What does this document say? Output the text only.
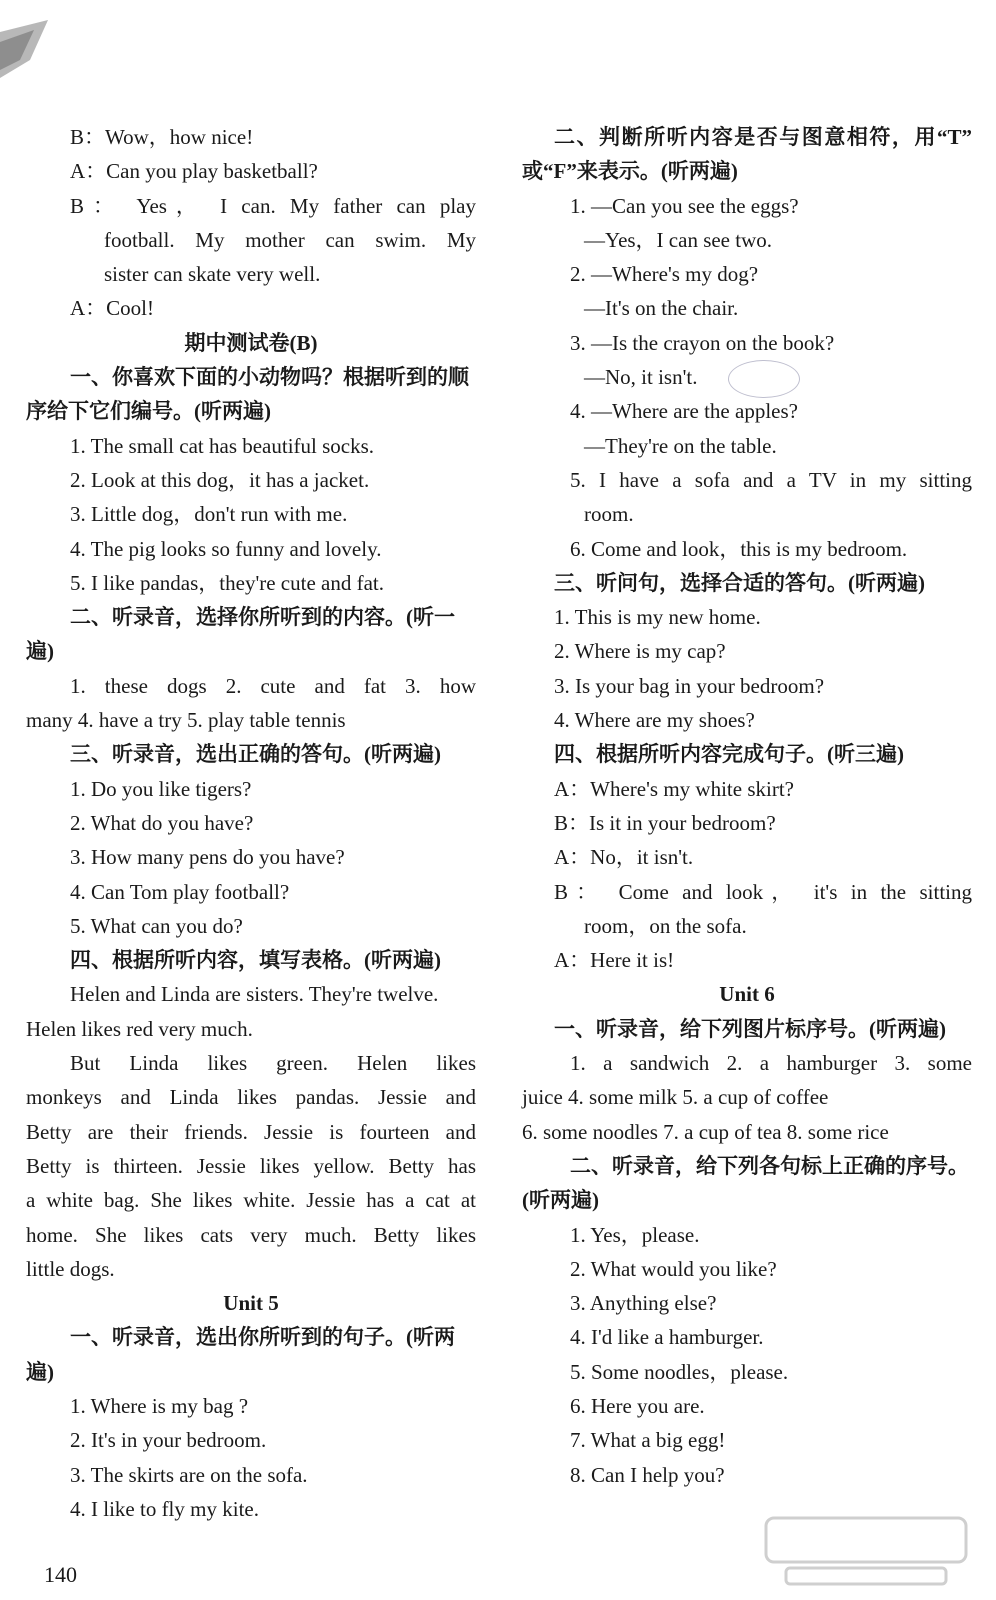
B：Wow，how nice!
A：Can you play basketball?
B： Yes， I can. My father can play
football. My mother can swim. My
sister can skate very well.
A：Cool!
期中测试卷(B)
一、你喜欢下面的小动物吗？根据听到的顺
序给下它们编号。(听两遍)
1. The small cat has beautiful socks.
2. Look at this dog，it has a jacket.
3. Little dog，don't run with me.
4. The pig looks so funny and lovely.
5. I like pandas，they're cute and fat.
二、听录音，选择你所听到的内容。(听一
遍)
1. these dogs 2. cute and fat 3. how
many 4. have a try 5. play table tennis
三、听录音，选出正确的答句。(听两遍)
1. Do you like tigers?
2. What do you have?
3. How many pens do you have?
4. Can Tom play football?
5. What can you do?
四、根据所听内容，填写表格。(听两遍)
Helen and Linda are sisters. They're twelve.
Helen likes red very much.
But Linda likes green. Helen likes
monkeys and Linda likes pandas. Jessie and
Betty are their friends. Jessie is fourteen and
Betty is thirteen. Jessie likes yellow. Betty has
a white bag. She likes white. Jessie has a cat at
home. She likes cats very much. Betty likes
little dogs.
Unit 5
一、听录音，选出你所听到的句子。(听两
遍)
1. Where is my bag ?
2. It's in your bedroom.
3. The skirts are on the sofa.
4. I like to fly my kite.
二、判断所听内容是否与图意相符，用“T”
或“F”来表示。(听两遍)
1. —Can you see the eggs?
—Yes，I can see two.
2. —Where's my dog?
—It's on the chair.
3. —Is the crayon on the book?
—No, it isn't.
4. —Where are the apples?
—They're on the table.
5. I have a sofa and a TV in my sitting
room.
6. Come and look，this is my bedroom.
三、听问句，选择合适的答句。(听两遍)
1. This is my new home.
2. Where is my cap?
3. Is your bag in your bedroom?
4. Where are my shoes?
四、根据所听内容完成句子。(听三遍)
A：Where's my white skirt?
B：Is it in your bedroom?
A：No，it isn't.
B： Come and look， it's in the sitting
room，on the sofa.
A：Here it is!
Unit 6
一、听录音，给下列图片标序号。(听两遍)
1. a sandwich 2. a hamburger 3. some
juice 4. some milk 5. a cup of coffee
6. some noodles 7. a cup of tea 8. some rice
二、听录音，给下列各句标上正确的序号。
(听两遍)
1. Yes，please.
2. What would you like?
3. Anything else?
4. I'd like a hamburger.
5. Some noodles，please.
6. Here you are.
7. What a big egg!
8. Can I help you?
140
